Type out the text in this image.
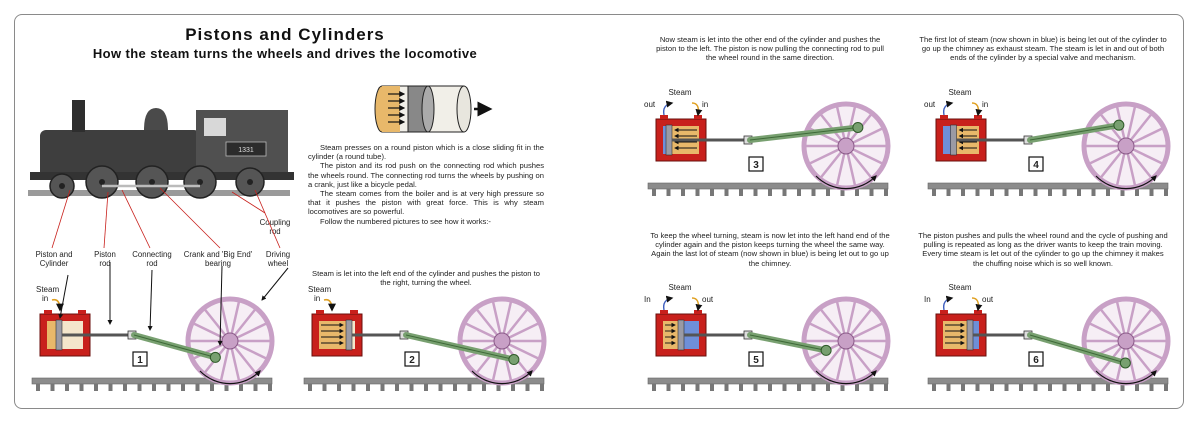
Pistons and Cylinders
How the steam turns the wheels and drives the locomotive
Steam presses on a round piston which is a close sliding fit in the cylinder (a round tube).
The piston and its rod push on the connecting rod which pushes the wheels round. The connecting rod turns the wheels by pushing on a crank, just like a bicycle pedal.
The steam comes from the boiler and is at very high pressure so that it pushes the piston with great force. This is why steam locomotives are so powerful.
Follow the numbered pictures to see how it works:-
Coupling rod
Piston and Cylinder
Piston rod
Connecting rod
Crank and 'Big End' bearing
Driving wheel
Steam is let into the left end of the cylinder and pushes the piston to the right, turning the wheel.
Now steam is let into the other end of the cylinder and pushes the piston to the left. The piston is now pulling the connecting rod to pull the wheel round in the same direction.
The first lot of steam (now shown in blue) is being let out of the cylinder to go up the chimney as exhaust steam. The steam is let in and out of both ends of the cylinder by a special valve and mechanism.
To keep the wheel turning, steam is now let into the left hand end of the cylinder again and the piston keeps turning the wheel the same way. Again the last lot of steam (now shown in blue) is being let out to go up the chimney.
The piston pushes and pulls the wheel round and the cycle of pushing and pulling is repeated as long as the driver wants to keep the train moving. Every time steam is let out of the cylinder to go up the chimney it makes the chuffing noise which is so well known.
1331
1
Steam
in
2
Steam
in
3
Steam
out	in
4
Steam
out	in
5
Steam
In	out
6
Steam
In	out
